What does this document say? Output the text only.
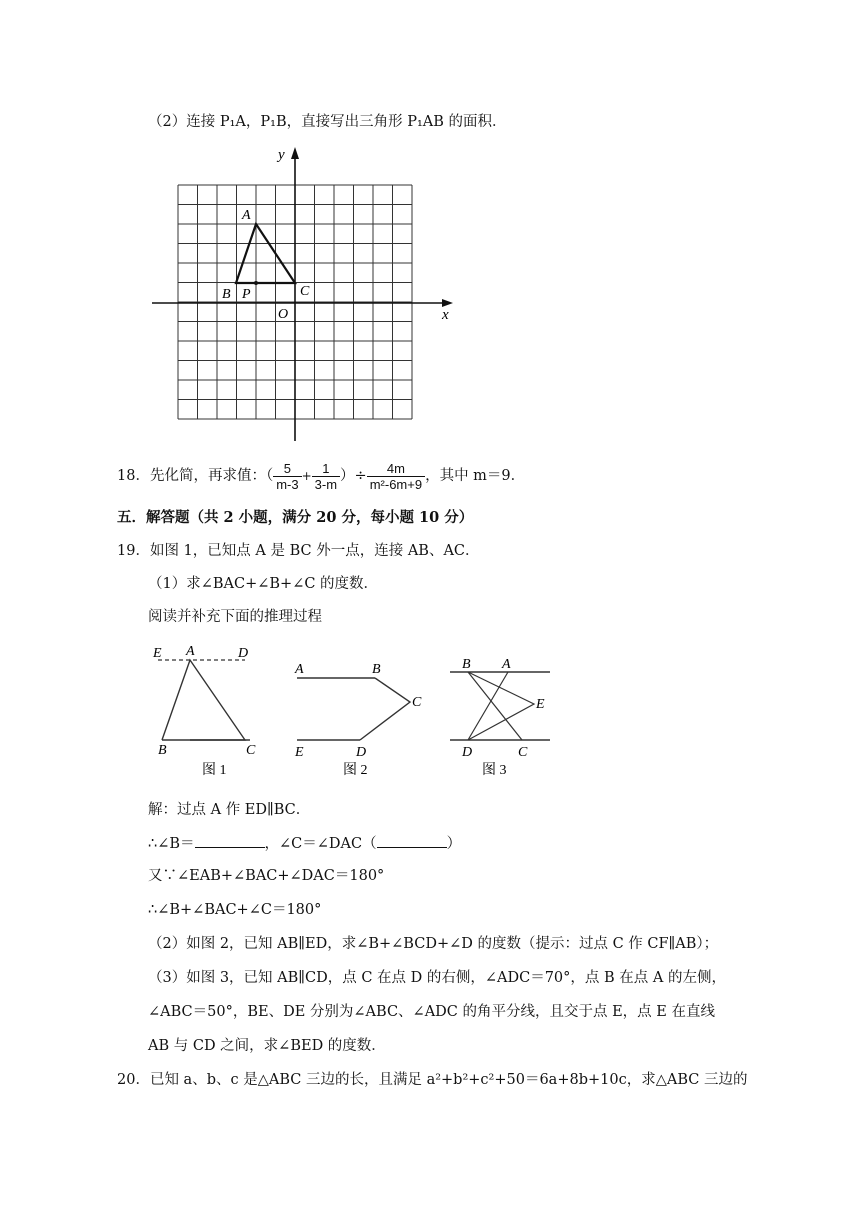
（2）连接 P₁A，P₁B，直接写出三角形 P₁AB 的面积．
y
x
O
A
B P	C
18．先化简，再求值：（ $\frac{5}{m-3} + \frac{1}{3-m}$ ）÷ $\frac{4m}{\text{m²-6m+9}}$ ，其中 m＝9．
五．解答题（共 2 小题，满分 20 分，每小题 10 分）
19．如图 1，已知点 A 是 BC 外一点，连接 AB、AC．
（1）求∠BAC+∠B+∠C 的度数．
阅读并补充下面的推理过程
E A	D
B	C
图 1
A	B
C
E	D
图 2
B A
E
D	C
图 3
解：过点 A 作 ED∥BC．
∴∠B＝	，∠C＝∠DAC（	）
又∵∠EAB+∠BAC+∠DAC＝180°
∴∠B+∠BAC+∠C＝180°
（2）如图 2，已知 AB∥ED，求∠B+∠BCD+∠D 的度数（提示：过点 C 作 CF∥AB）；
（3）如图 3，已知 AB∥CD，点 C 在点 D 的右侧，∠ADC＝70°，点 B 在点 A 的左侧，
∠ABC＝50°，BE、DE 分别为∠ABC、∠ADC 的角平分线，且交于点 E，点 E 在直线
AB 与 CD 之间，求∠BED 的度数．
20．已知 a、b、c 是△ABC 三边的长，且满足 a²+b²+c²+50＝6a+8b+10c，求△ABC 三边的
